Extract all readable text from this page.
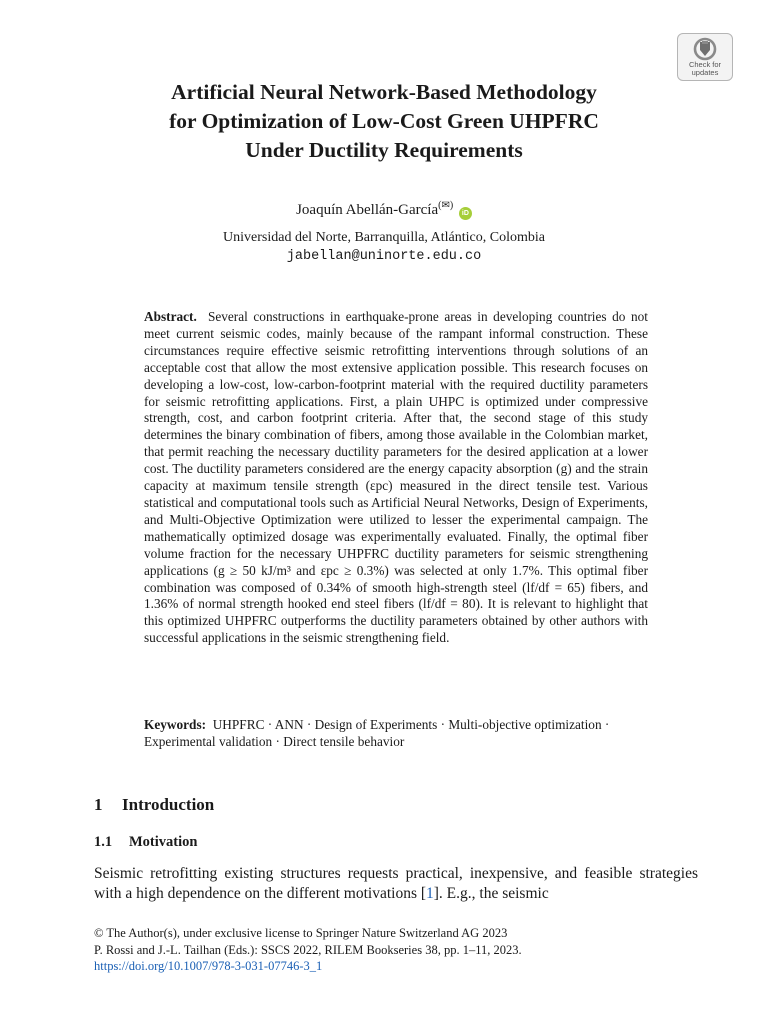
Check for
updates
Artificial Neural Network-Based Methodology
for Optimization of Low-Cost Green UHPFRC
Under Ductility Requirements
Joaquín Abellán-García(✉) iD
Universidad del Norte, Barranquilla, Atlántico, Colombia
jabellan@uninorte.edu.co

Abstract. Several constructions in earthquake-prone areas in developing countries do not meet current seismic codes, mainly because of the rampant informal construction. These circumstances require effective seismic retrofitting interventions through solutions of an acceptable cost that allow the most extensive application possible. This research focuses on developing a low-cost, low-carbon-footprint material with the required ductility parameters for seismic retrofitting applications. First, a plain UHPC is optimized under compressive strength, cost, and carbon footprint criteria. After that, the second stage of this study determines the binary combination of fibers, among those available in the Colombian market, that permit reaching the necessary ductility parameters for the desired application at a lower cost. The ductility parameters considered are the energy capacity absorption (g) and the strain capacity at maximum tensile strength (εpc) measured in the direct tensile test. Various statistical and computational tools such as Artificial Neural Networks, Design of Experiments, and Multi-Objective Optimization were utilized to lesser the experimental campaign. The mathematically optimized dosage was experimentally evaluated. Finally, the optimal fiber volume fraction for the necessary UHPFRC ductility parameters for seismic strengthening applications (g ≥ 50 kJ/m³ and εpc ≥ 0.3%) was selected at only 1.7%. This optimal fiber combination was composed of 0.34% of smooth high-strength steel (lf/df = 65) fibers, and 1.36% of normal strength hooked end steel fibers (lf/df = 80). It is relevant to highlight that this optimized UHPFRC outperforms the ductility parameters obtained by other authors with successful applications in the seismic strengthening field.

Keywords: UHPFRC · ANN · Design of Experiments · Multi-objective optimization · Experimental validation · Direct tensile behavior
1 Introduction
1.1 Motivation

Seismic retrofitting existing structures requests practical, inexpensive, and feasible strategies with a high dependence on the different motivations [1]. E.g., the seismic

© The Author(s), under exclusive license to Springer Nature Switzerland AG 2023
P. Rossi and J.-L. Tailhan (Eds.): SSCS 2022, RILEM Bookseries 38, pp. 1–11, 2023.
https://doi.org/10.1007/978-3-031-07746-3_1
